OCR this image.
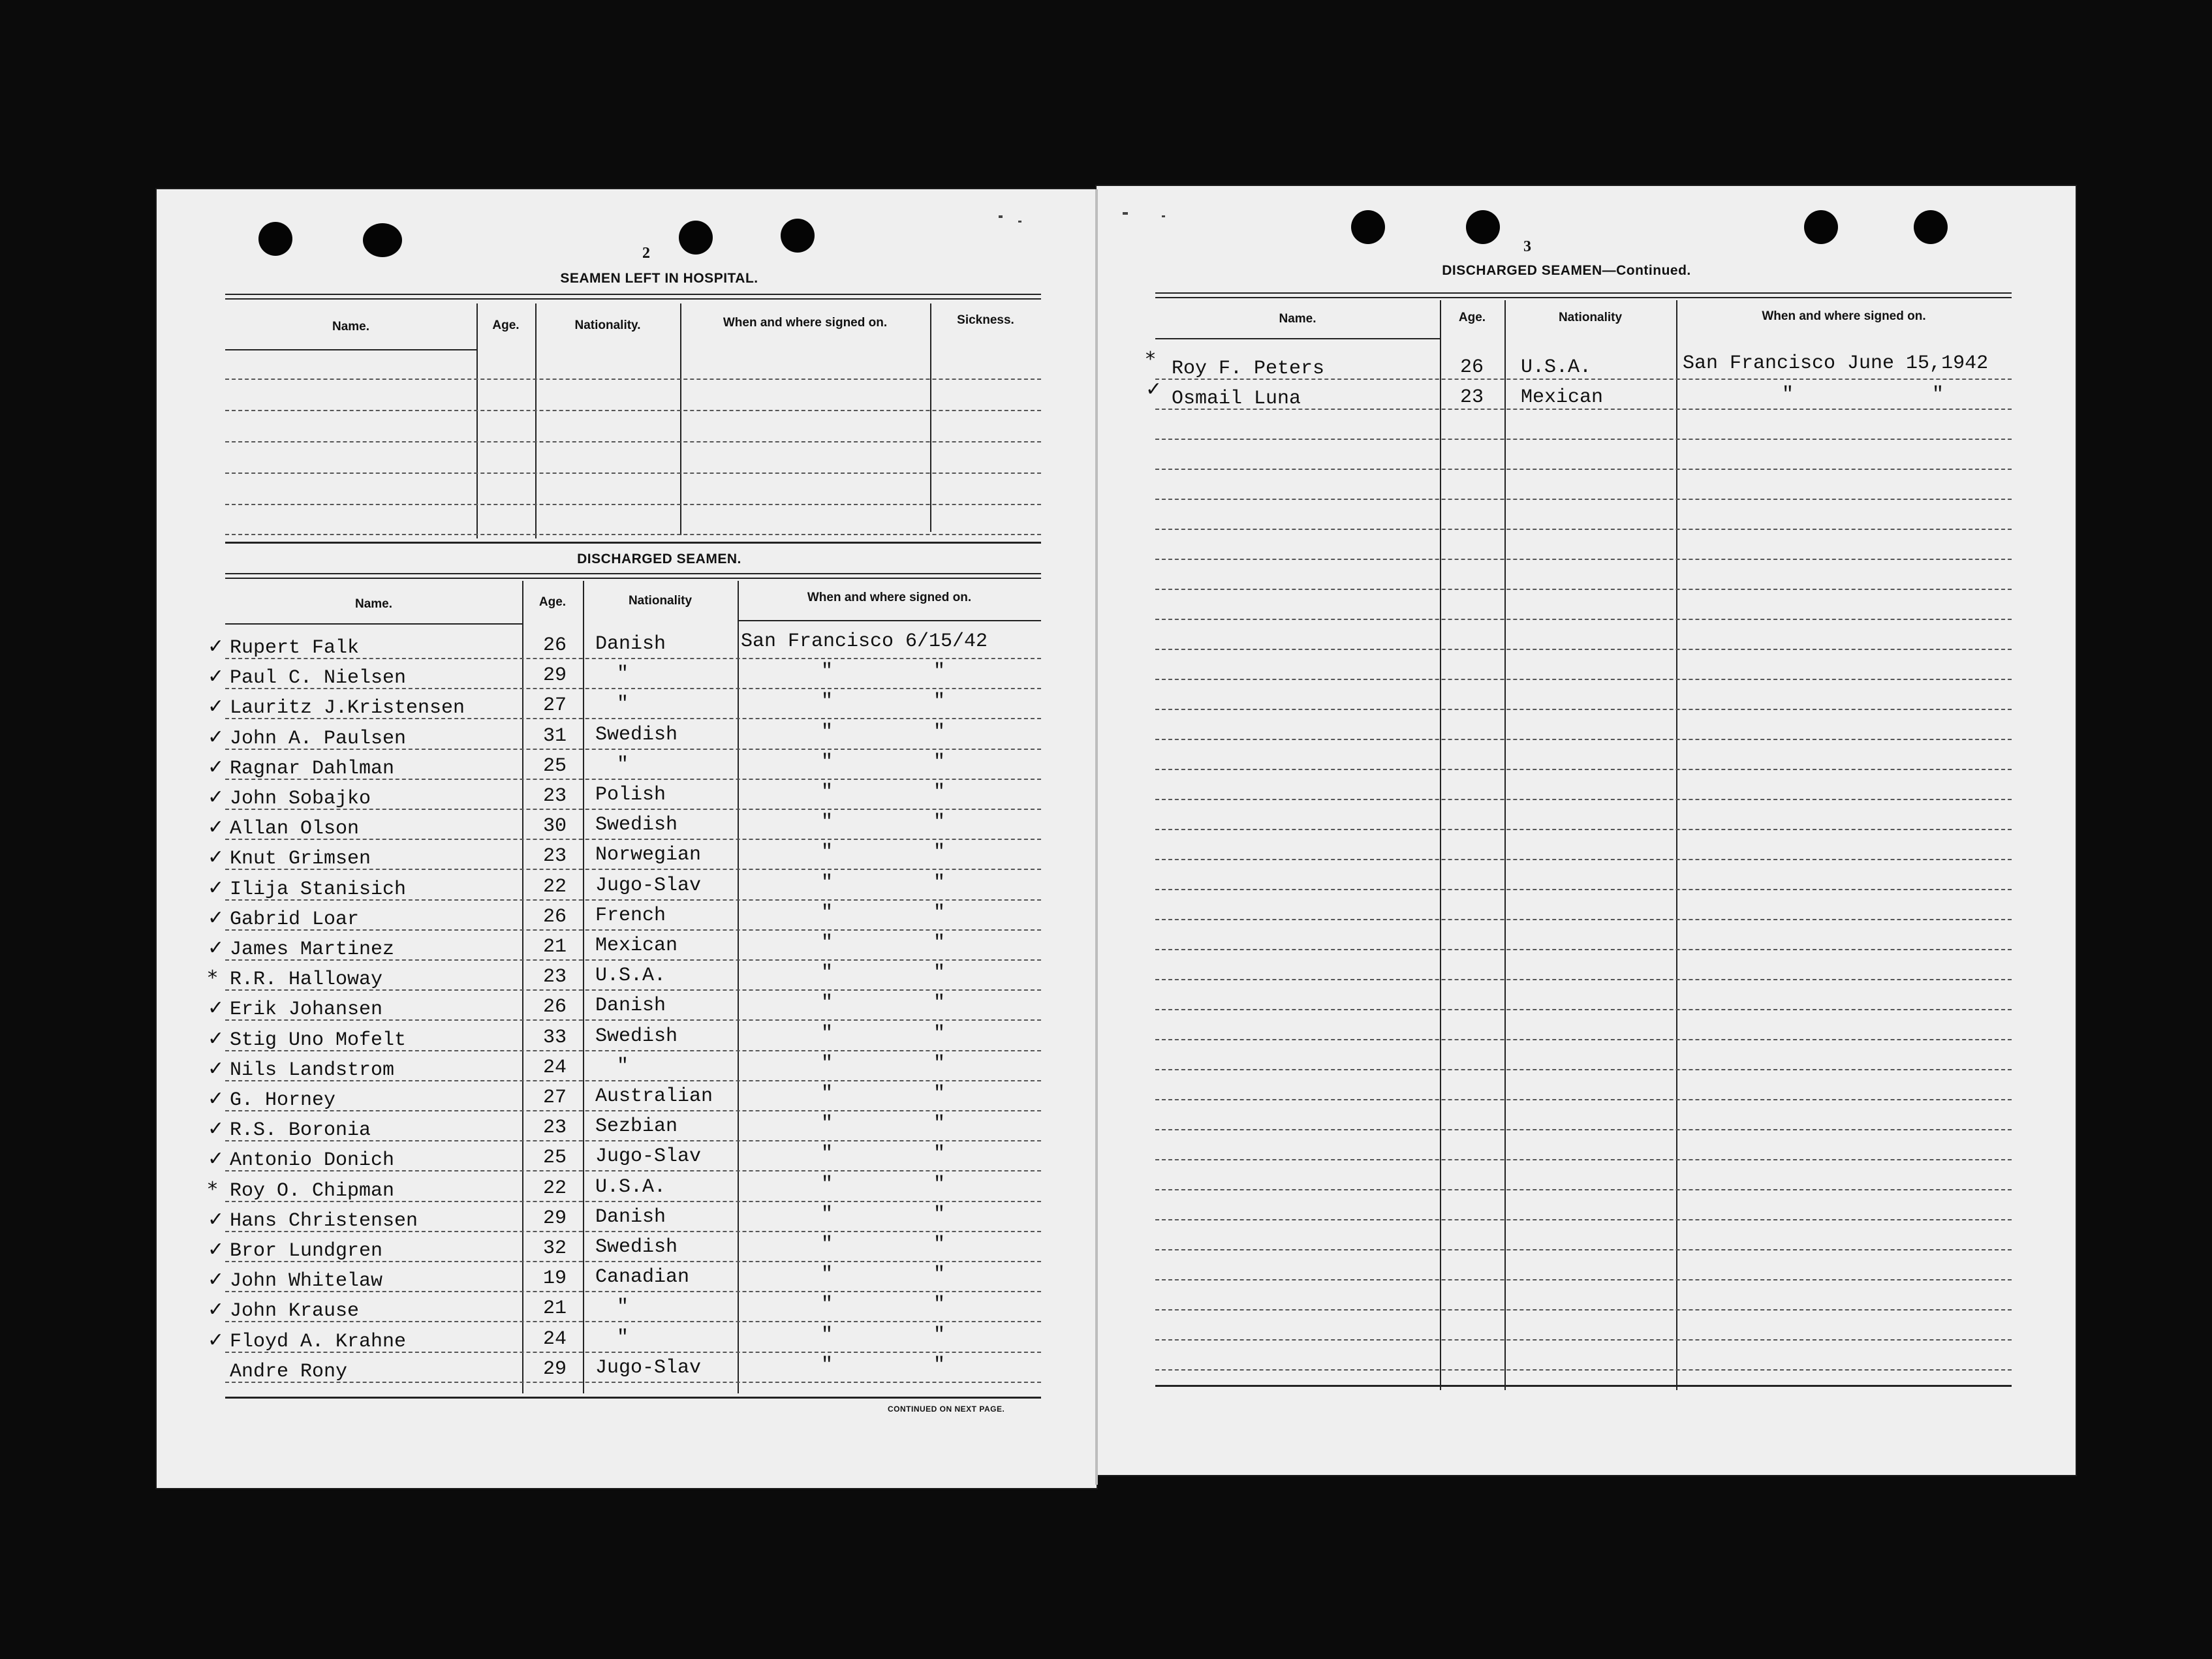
2
SEAMEN LEFT IN HOSPITAL.
Name.	Age.	Nationality.	When and where signed on.	Sickness.
DISCHARGED SEAMEN.
Name.	Age.	Nationality	When and where signed on.
✓ Rupert Falk	26	Danish	San Francisco 6/15/42
✓ Paul C. Nielsen	29	"	"	"
✓ Lauritz J.Kristensen	27	"	"	"
✓ John A. Paulsen	31	Swedish	"	"
✓ Ragnar Dahlman	25	"	"	"
✓ John Sobajko	23	Polish	"	"
✓ Allan Olson	30	Swedish	"	"
✓ Knut Grimsen	23	Norwegian	"	"
✓ Ilija Stanisich	22	Jugo-Slav	"	"
✓ Gabrid Loar	26	French	"	"
✓ James Martinez	21	Mexican	"	"
* R.R. Halloway	23	U.S.A.	"	"
✓ Erik Johansen	26	Danish	"	"
✓ Stig Uno Mofelt	33	Swedish	"	"
✓ Nils Landstrom	24	"	"	"
✓ G. Horney	27	Australian	"	"
✓ R.S. Boronia	23	Sezbian	"	"
✓ Antonio Donich	25	Jugo-Slav	"	"
* Roy O. Chipman	22	U.S.A.	"	"
✓ Hans Christensen	29	Danish	"	"
✓ Bror Lundgren	32	Swedish	"	"
✓ John Whitelaw	19	Canadian	"	"
✓ John Krause	21	"	"	"
✓ Floyd A. Krahne	24	"	"	"
Andre Rony	29	Jugo-Slav	"	"
CONTINUED ON NEXT PAGE.
3
DISCHARGED SEAMEN—Continued.
Name.	Age.	Nationality	When and where signed on.
* Roy F. Peters	26	U.S.A.	San Francisco June 15,1942
✓ Osmail Luna	23	Mexican	"	"
